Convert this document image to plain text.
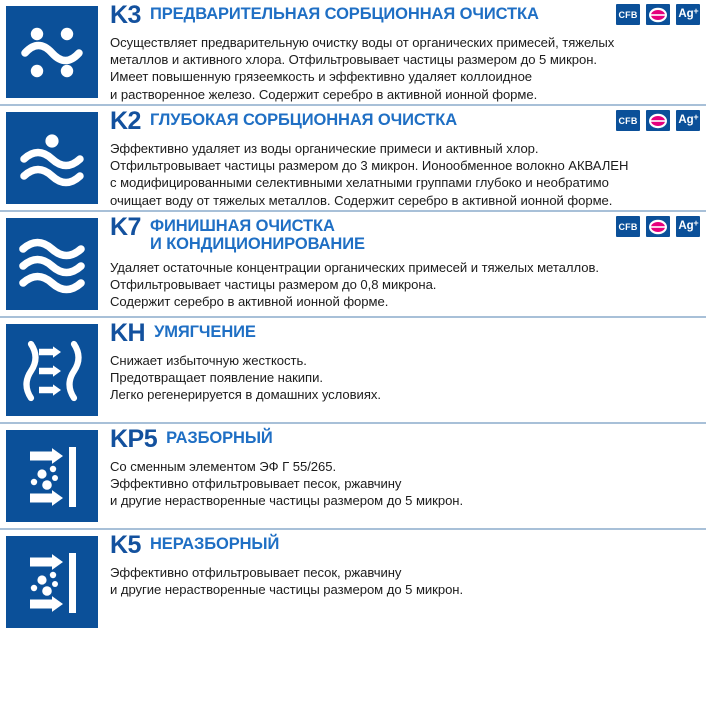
K3 ПРЕДВАРИТЕЛЬНАЯ СОРБЦИОННАЯ ОЧИСТКА
Осуществляет предварительную очистку воды от органических примесей, тяжелых
металлов и активного хлора. Отфильтровывает частицы размером до 5 микрон.
Имеет повышенную грязеемкость и эффективно удаляет коллоидное
и растворенное железо. Содержит серебро в активной ионной форме.
CFB	Ag +
K2 ГЛУБОКАЯ СОРБЦИОННАЯ ОЧИСТКА
Эффективно удаляет из воды органические примеси и активный хлор.
Отфильтровывает частицы размером до 3 микрон. Ионообменное волокно АКВАЛЕН
с модифицированными селективными хелатными группами глубоко и необратимо
очищает воду от тяжелых металлов. Содержит серебро в активной ионной форме.
CFB	Ag +
K7 ФИНИШНАЯ ОЧИСТКА
И КОНДИЦИОНИРОВАНИЕ
Удаляет остаточные концентрации органических примесей и тяжелых металлов.
Отфильтровывает частицы размером до 0,8 микрона.
Содержит серебро в активной ионной форме.
CFB	Ag +
KH УМЯГЧЕНИЕ
Снижает избыточную жесткость.
Предотвращает появление накипи.
Легко регенерируется в домашних условиях.
KP5 РАЗБОРНЫЙ
Со сменным элементом ЭФ Г 55/265.
Эффективно отфильтровывает песок, ржавчину
и другие нерастворенные частицы размером до 5 микрон.
K5 НЕРАЗБОРНЫЙ
Эффективно отфильтровывает песок, ржавчину
и другие нерастворенные частицы размером до 5 микрон.
